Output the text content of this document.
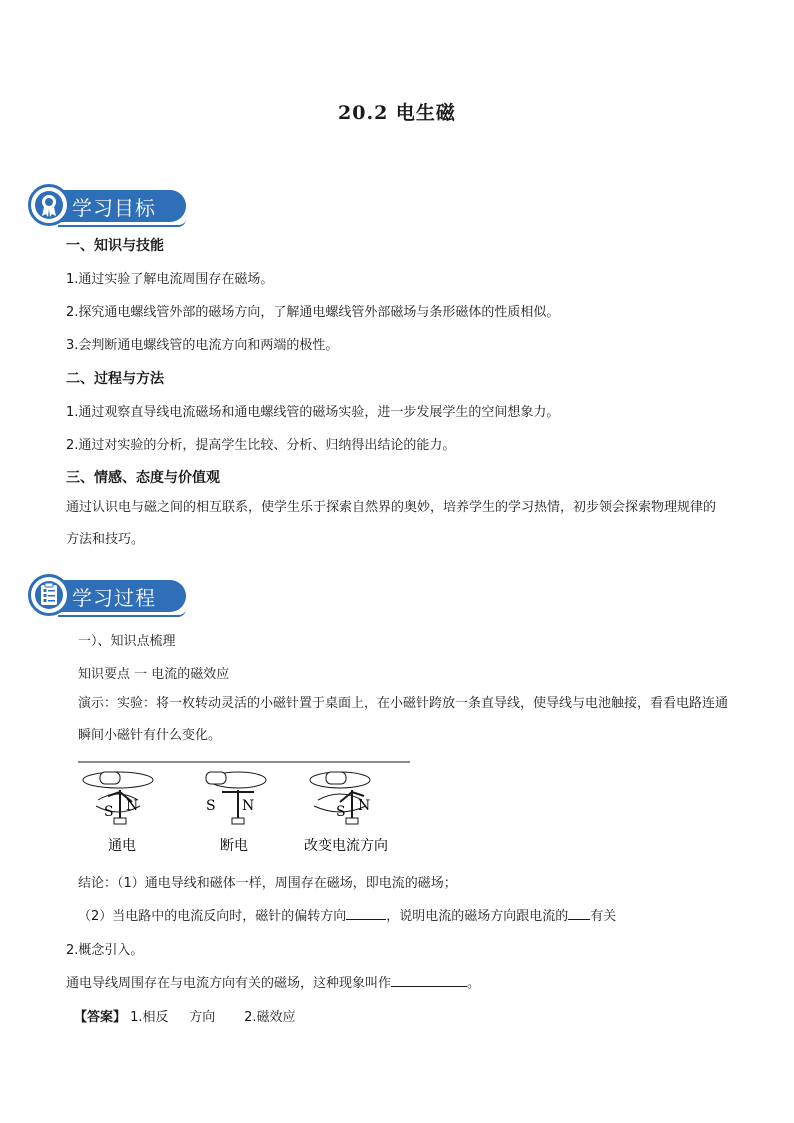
20.2 电生磁
学习目标
一、知识与技能
1.通过实验了解电流周围存在磁场。
2.探究通电螺线管外部的磁场方向，了解通电螺线管外部磁场与条形磁体的性质相似。
3.会判断通电螺线管的电流方向和两端的极性。
二、过程与方法
1.通过观察直导线电流磁场和通电螺线管的磁场实验，进一步发展学生的空间想象力。
2.通过对实验的分析，提高学生比较、分析、归纳得出结论的能力。
三、情感、态度与价值观
通过认识电与磁之间的相互联系，使学生乐于探索自然界的奥妙，培养学生的学习热情，初步领会探索物理规律的方法和技巧。
学习过程
一）、知识点梳理
知识要点 一 电流的磁效应
演示：实验：将一枚转动灵活的小磁针置于桌面上，在小磁针跨放一条直导线，使导线与电池触接，看看电路连通瞬间小磁针有什么变化。
S N	S N	S N
通电	断电	改变电流方向
结论：（1）通电导线和磁体一样，周围存在磁场，即电流的磁场；
（2）当电路中的电流反向时，磁针的偏转方向	，说明电流的磁场方向跟电流的 有关
2.概念引入。
通电导线周围存在与电流方向有关的磁场，这种现象叫作	。
【答案】 1.相反     方向       2.磁效应
